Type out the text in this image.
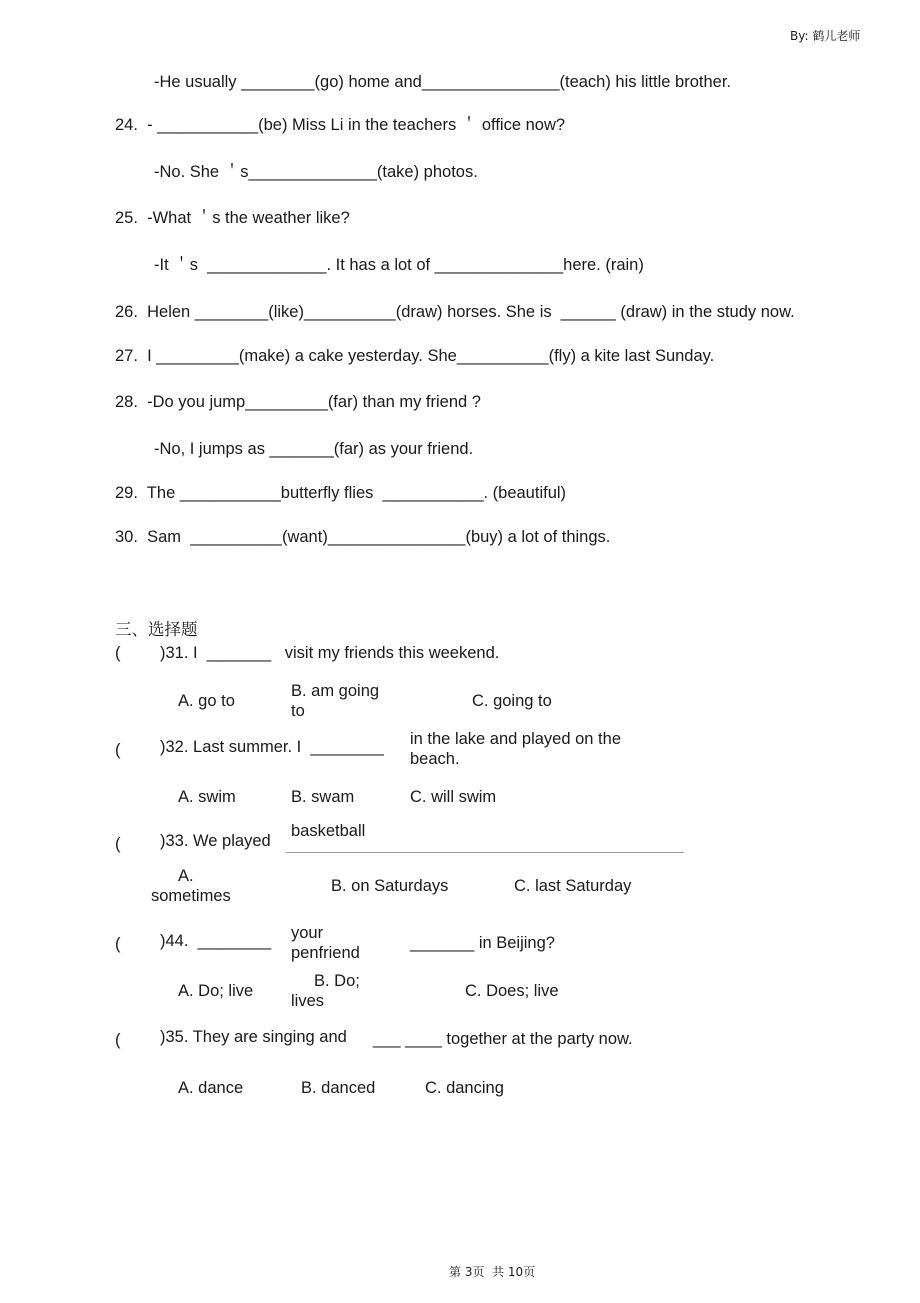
By: 鹤儿老师
-He usually ________(go) home and_______________(teach) his little brother.
24.  - ___________(be) Miss Li in the teachers ＇ office now?
-No. She ＇s______________(take) photos.
25.  -What ＇s the weather like?
-It ＇s  _____________. It has a lot of ______________here. (rain)
26.  Helen ________(like)__________(draw) horses. She is  ______ (draw) in the study now.
27.  I _________(make) a cake yesterday. She__________(fly) a kite last Sunday.
28.  -Do you jump_________(far) than my friend ?
-No, I jumps as _______(far) as your friend.
29.  The ___________butterfly flies  ___________. (beautiful)
30.  Sam  __________(want)_______________(buy) a lot of things.
三、选择题
( )31. I  _______   visit my friends this weekend.
A. go to
B. am going
to
C. going to
( )32. Last summer. I  ________ in the lake and played on the
beach.
A. swim	B. swam	C. will swim
( )33. We played
basketball
A.
sometimes
B. on Saturdays	C. last Saturday
( )44.  ________ your
penfriend
_______ in Beijing?
A. Do; live
B. Do;
lives
C. Does; live
( )35. They are singing and ___ ____ together at the party now.
A. dance	B. danced	C. dancing
第 3页  共 10页
